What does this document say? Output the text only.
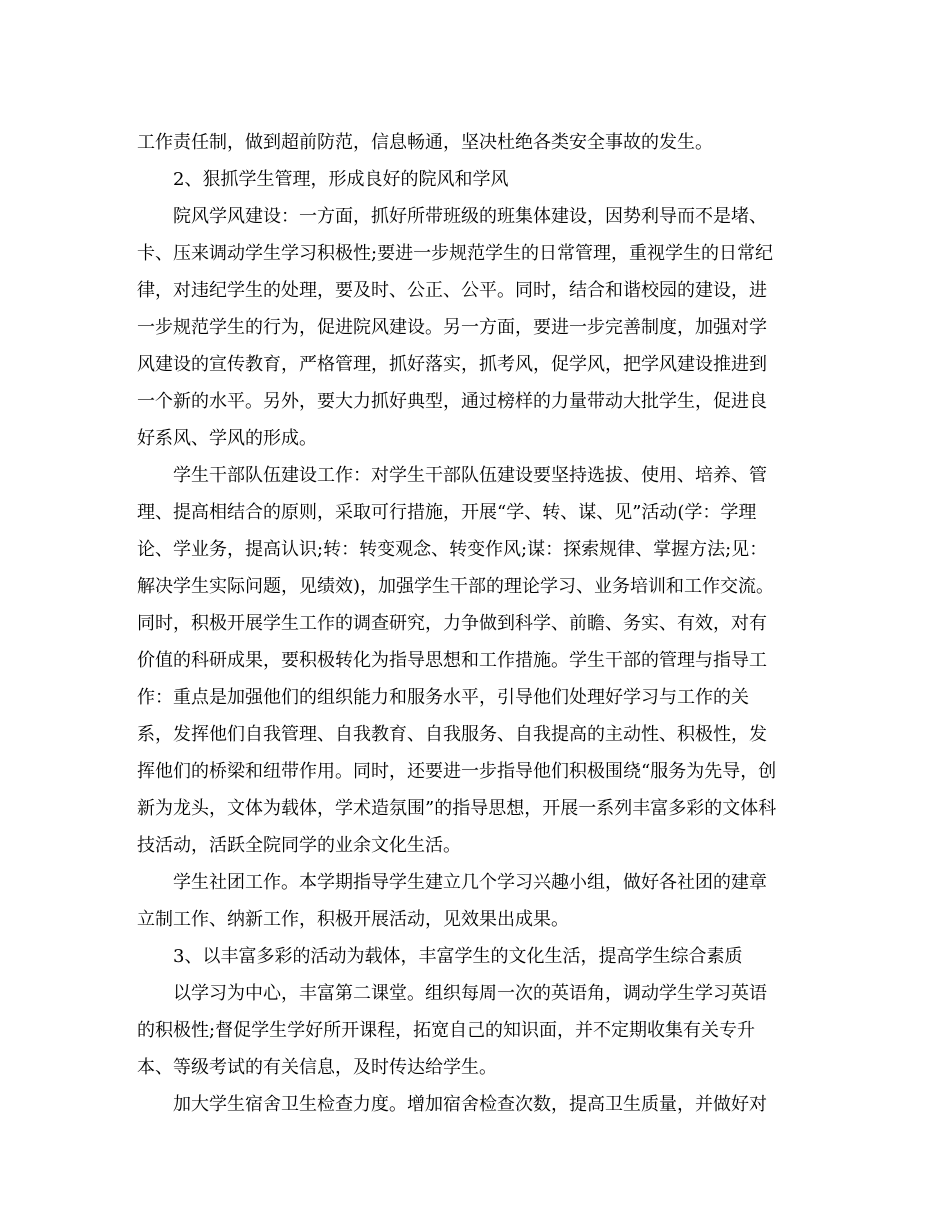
工作责任制，做到超前防范，信息畅通，坚决杜绝各类安全事故的发生。
2、狠抓学生管理，形成良好的院风和学风
院风学风建设：一方面，抓好所带班级的班集体建设，因势利导而不是堵、
卡、压来调动学生学习积极性;要进一步规范学生的日常管理，重视学生的日常纪
律，对违纪学生的处理，要及时、公正、公平。同时，结合和谐校园的建设，进
一步规范学生的行为，促进院风建设。另一方面，要进一步完善制度，加强对学
风建设的宣传教育，严格管理，抓好落实，抓考风，促学风，把学风建设推进到
一个新的水平。另外，要大力抓好典型，通过榜样的力量带动大批学生，促进良
好系风、学风的形成。
学生干部队伍建设工作：对学生干部队伍建设要坚持选拔、使用、培养、管
理、提高相结合的原则，采取可行措施，开展“学、转、谋、见”活动(学：学理
论、学业务，提高认识;转：转变观念、转变作风;谋：探索规律、掌握方法;见：
解决学生实际问题，见绩效)，加强学生干部的理论学习、业务培训和工作交流。
同时，积极开展学生工作的调查研究，力争做到科学、前瞻、务实、有效，对有
价值的科研成果，要积极转化为指导思想和工作措施。学生干部的管理与指导工
作：重点是加强他们的组织能力和服务水平，引导他们处理好学习与工作的关
系，发挥他们自我管理、自我教育、自我服务、自我提高的主动性、积极性，发
挥他们的桥梁和纽带作用。同时，还要进一步指导他们积极围绕“服务为先导，创
新为龙头，文体为载体，学术造氛围”的指导思想，开展一系列丰富多彩的文体科
技活动，活跃全院同学的业余文化生活。
学生社团工作。本学期指导学生建立几个学习兴趣小组，做好各社团的建章
立制工作、纳新工作，积极开展活动，见效果出成果。
3、以丰富多彩的活动为载体，丰富学生的文化生活，提高学生综合素质
以学习为中心，丰富第二课堂。组织每周一次的英语角，调动学生学习英语
的积极性;督促学生学好所开课程，拓宽自己的知识面，并不定期收集有关专升
本、等级考试的有关信息，及时传达给学生。
加大学生宿舍卫生检查力度。增加宿舍检查次数，提高卫生质量，并做好对
